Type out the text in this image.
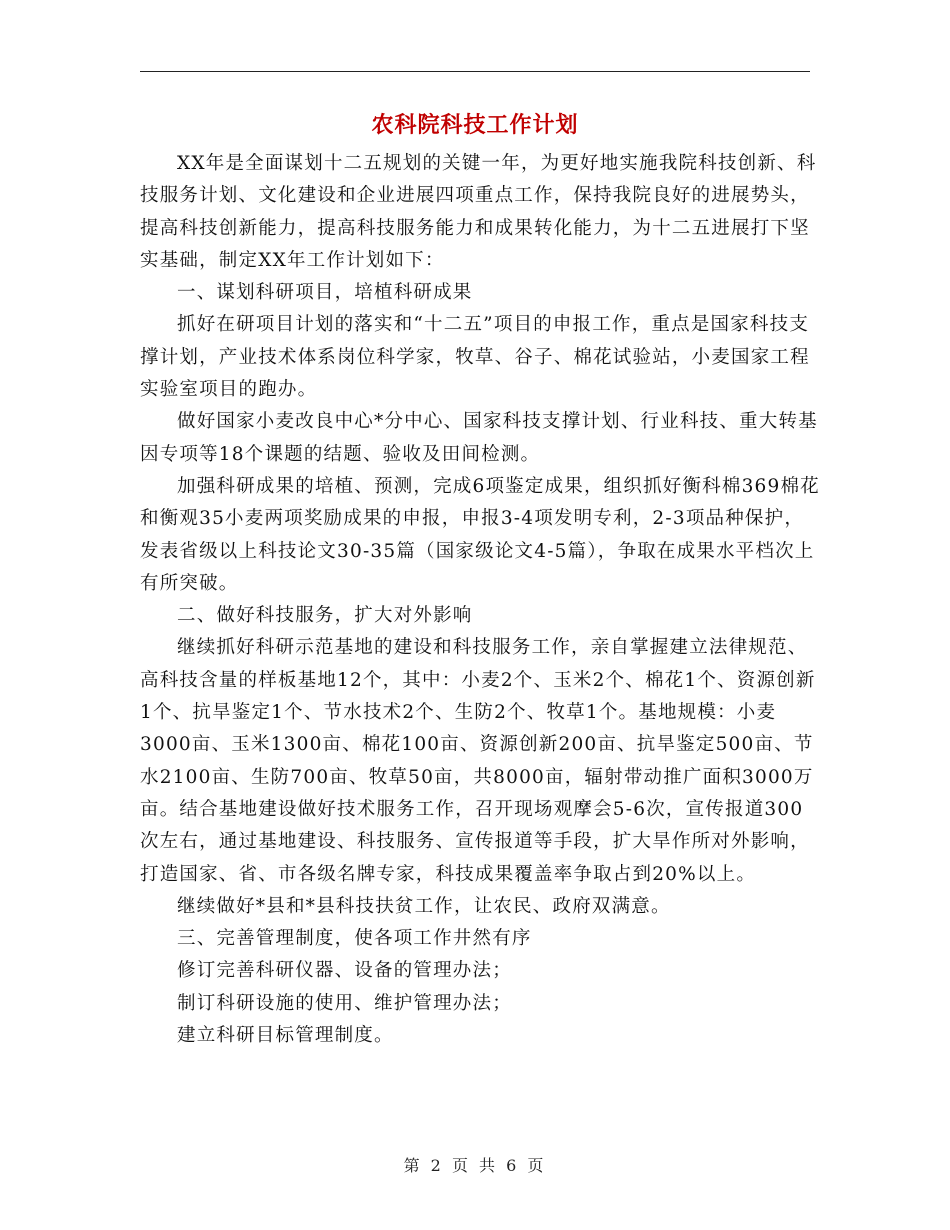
农科院科技工作计划

XX年是全面谋划十二五规划的关键一年，为更好地实施我院科技创新、科技服务计划、文化建设和企业进展四项重点工作，保持我院良好的进展势头，提高科技创新能力，提高科技服务能力和成果转化能力，为十二五进展打下坚实基础，制定XX年工作计划如下：

一、谋划科研项目，培植科研成果

抓好在研项目计划的落实和“十二五”项目的申报工作，重点是国家科技支撑计划，产业技术体系岗位科学家，牧草、谷子、棉花试验站，小麦国家工程实验室项目的跑办。

做好国家小麦改良中心*分中心、国家科技支撑计划、行业科技、重大转基因专项等18个课题的结题、验收及田间检测。

加强科研成果的培植、预测，完成6项鉴定成果，组织抓好衡科棉369棉花和衡观35小麦两项奖励成果的申报，申报3-4项发明专利，2-3项品种保护，发表省级以上科技论文30-35篇（国家级论文4-5篇），争取在成果水平档次上有所突破。

二、做好科技服务，扩大对外影响

继续抓好科研示范基地的建设和科技服务工作，亲自掌握建立法律规范、高科技含量的样板基地12个，其中：小麦2个、玉米2个、棉花1个、资源创新1个、抗旱鉴定1个、节水技术2个、生防2个、牧草1个。基地规模：小麦3000亩、玉米1300亩、棉花100亩、资源创新200亩、抗旱鉴定500亩、节水2100亩、生防700亩、牧草50亩，共8000亩，辐射带动推广面积3000万亩。结合基地建设做好技术服务工作，召开现场观摩会5-6次，宣传报道300次左右，通过基地建设、科技服务、宣传报道等手段，扩大旱作所对外影响，打造国家、省、市各级名牌专家，科技成果覆盖率争取占到20%以上。

继续做好*县和*县科技扶贫工作，让农民、政府双满意。

三、完善管理制度，使各项工作井然有序

修订完善科研仪器、设备的管理办法；

制订科研设施的使用、维护管理办法；

建立科研目标管理制度。

第 2 页 共 6 页
